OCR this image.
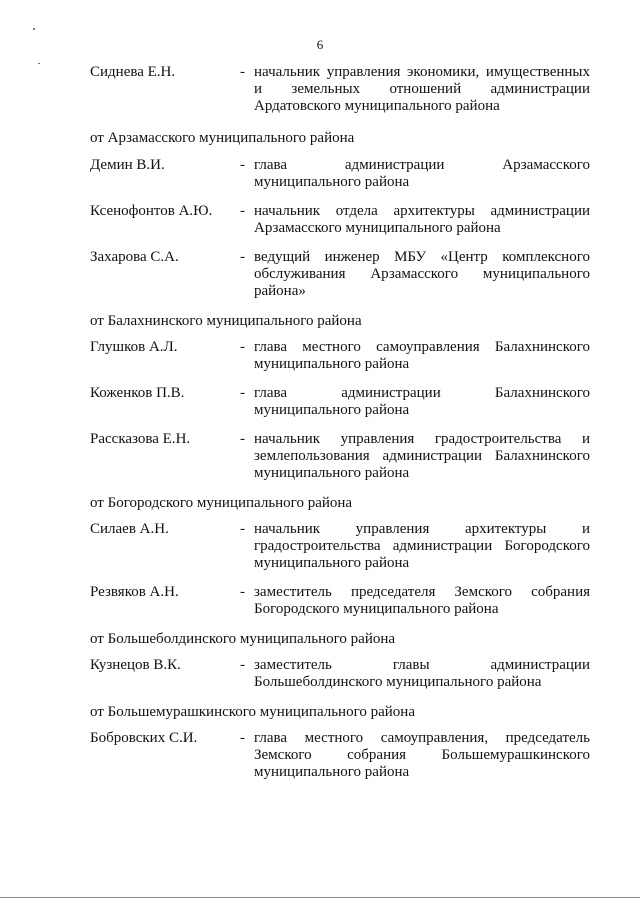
6
Сиднева Е.Н.	- начальник управления экономики, имущественных и земельных отношений администрации Ардатовского муниципального района
от Арзамасского муниципального района
Демин В.И.	- глава администрации Арзамасского муниципального района
Ксенофонтов А.Ю.	- начальник отдела архитектуры администрации Арзамасского муниципального района
Захарова С.А.	- ведущий инженер МБУ «Центр комплексного обслуживания Арзамасского муниципального района»
от Балахнинского муниципального района
Глушков А.Л.	- глава местного самоуправления Балахнинского муниципального района
Коженков П.В.	- глава администрации Балахнинского муниципального района
Рассказова Е.Н.	- начальник управления градостроительства и землепользования администрации Балахнинского муниципального района
от Богородского муниципального района
Силаев А.Н.	- начальник управления архитектуры и градостроительства администрации Богородского муниципального района
Резвяков А.Н.	- заместитель председателя Земского собрания Богородского муниципального района
от Большеболдинского муниципального района
Кузнецов В.К.	- заместитель главы администрации Большеболдинского муниципального района
от Большемурашкинского муниципального района
Бобровских С.И.	- глава местного самоуправления, председатель Земского собрания Большемурашкинского муниципального района
